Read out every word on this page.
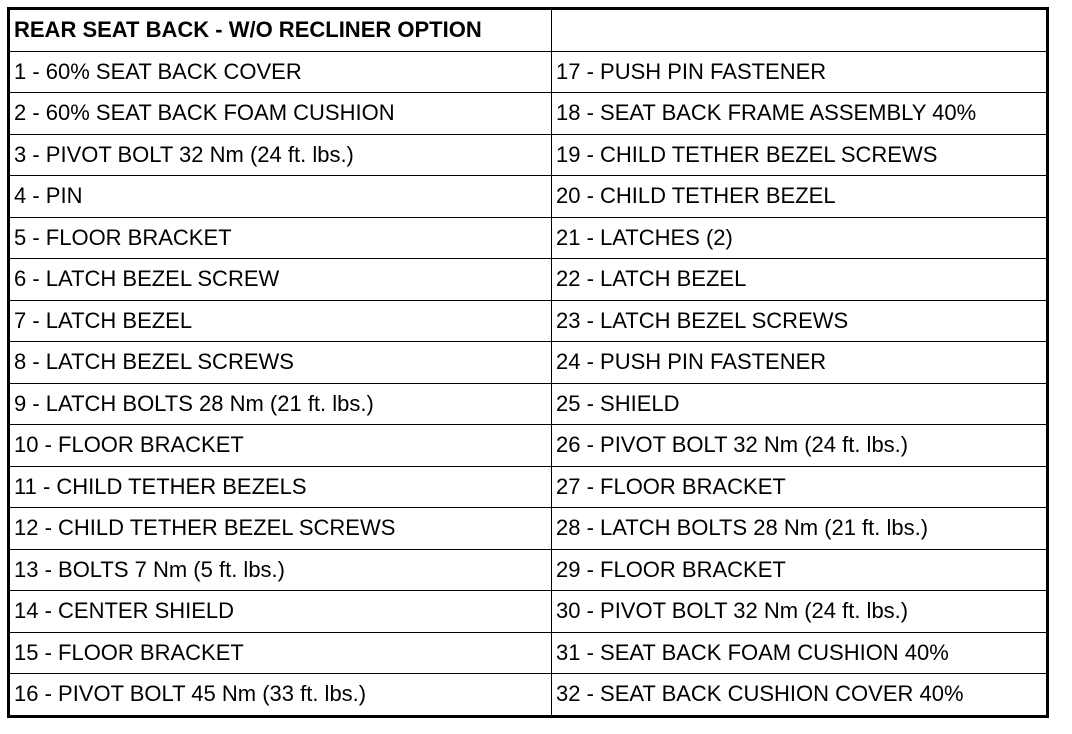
REAR SEAT BACK - W/O RECLINER OPTION	
1 - 60% SEAT BACK COVER	17 - PUSH PIN FASTENER
2 - 60% SEAT BACK FOAM CUSHION	18 - SEAT BACK FRAME ASSEMBLY 40%
3 - PIVOT BOLT 32 Nm (24 ft. lbs.)	19 - CHILD TETHER BEZEL SCREWS
4 - PIN	20 - CHILD TETHER BEZEL
5 - FLOOR BRACKET	21 - LATCHES (2)
6 - LATCH BEZEL SCREW	22 - LATCH BEZEL
7 - LATCH BEZEL	23 - LATCH BEZEL SCREWS
8 - LATCH BEZEL SCREWS	24 - PUSH PIN FASTENER
9 - LATCH BOLTS 28 Nm (21 ft. lbs.)	25 - SHIELD
10 - FLOOR BRACKET	26 - PIVOT BOLT 32 Nm (24 ft. lbs.)
11 - CHILD TETHER BEZELS	27 - FLOOR BRACKET
12 - CHILD TETHER BEZEL SCREWS	28 - LATCH BOLTS 28 Nm (21 ft. lbs.)
13 - BOLTS 7 Nm (5 ft. lbs.)	29 - FLOOR BRACKET
14 - CENTER SHIELD	30 - PIVOT BOLT 32 Nm (24 ft. lbs.)
15 - FLOOR BRACKET	31 - SEAT BACK FOAM CUSHION 40%
16 - PIVOT BOLT 45 Nm (33 ft. lbs.)	32 - SEAT BACK CUSHION COVER 40%
